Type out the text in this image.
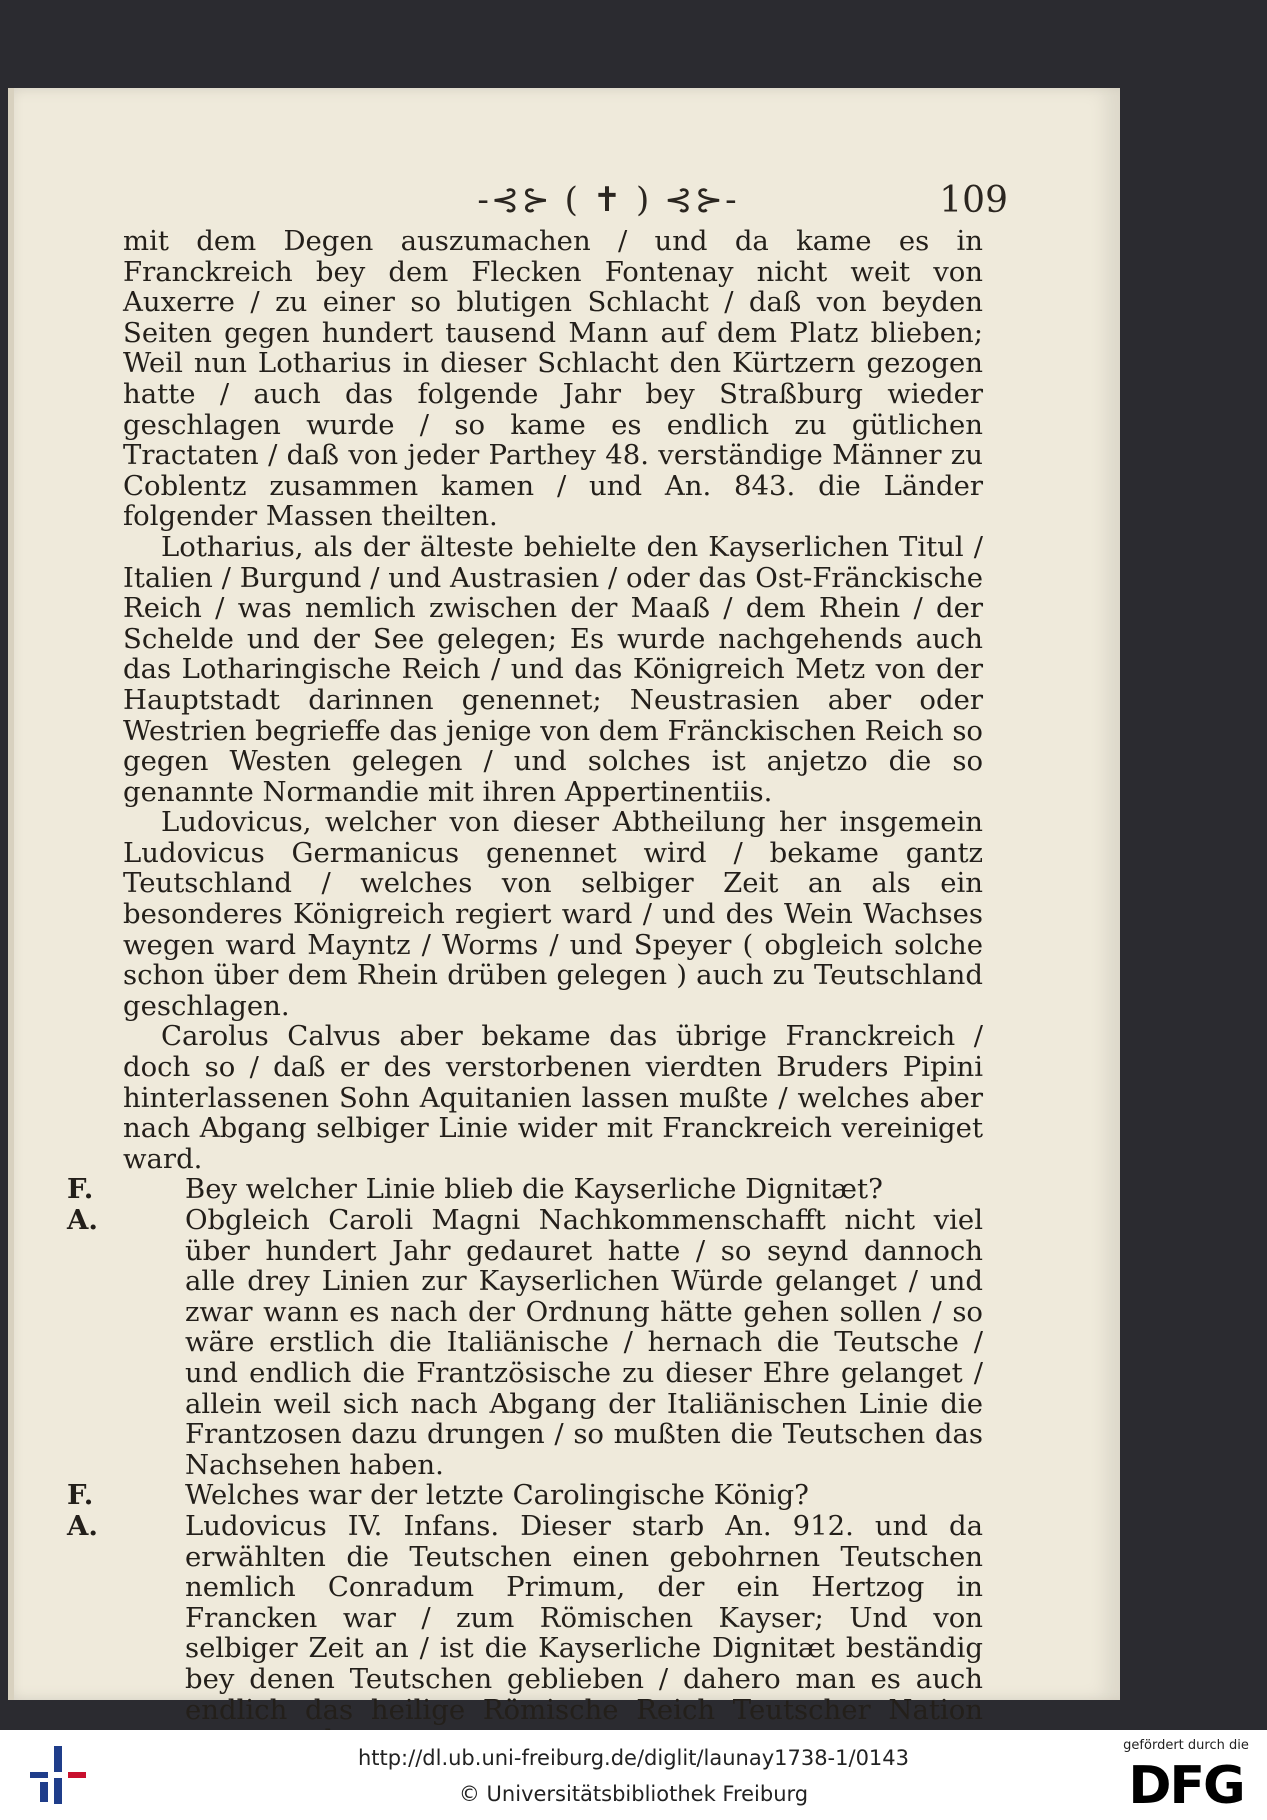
-⊰⊱ ( ✝ ) ⊰⊱-	109

mit dem Degen auszumachen / und da kame es in Franckreich bey dem Flecken Fontenay nicht weit von Auxerre / zu einer so blutigen Schlacht / daß von beyden Seiten gegen hundert tausend Mann auf dem Platz blieben; Weil nun Lotharius in dieser Schlacht den Kürtzern gezogen hatte / auch das folgende Jahr bey Straßburg wieder geschlagen wurde / so kame es endlich zu gütlichen Tractaten / daß von jeder Parthey 48. verständige Männer zu Coblentz zusammen kamen / und An. 843. die Länder folgender Massen theilten.

Lotharius, als der älteste behielte den Kayserlichen Titul / Italien / Burgund / und Austrasien / oder das Ost-Fränckische Reich / was nemlich zwischen der Maaß / dem Rhein / der Schelde und der See gelegen; Es wurde nachgehends auch das Lotharingische Reich / und das Königreich Metz von der Hauptstadt darinnen genennet; Neustrasien aber oder Westrien begrieffe das jenige von dem Fränckischen Reich so gegen Westen gelegen / und solches ist anjetzo die so genannte Normandie mit ihren Appertinentiis.

Ludovicus, welcher von dieser Abtheilung her insgemein Ludovicus Germanicus genennet wird / bekame gantz Teutschland / welches von selbiger Zeit an als ein besonderes Königreich regiert ward / und des Wein Wachses wegen ward Mayntz / Worms / und Speyer ( obgleich solche schon über dem Rhein drüben gelegen ) auch zu Teutschland geschlagen.

Carolus Calvus aber bekame das übrige Franckreich / doch so / daß er des verstorbenen vierdten Bruders Pipini hinterlassenen Sohn Aquitanien lassen mußte / welches aber nach Abgang selbiger Linie wider mit Franckreich vereiniget ward.

F.	Bey welcher Linie blieb die Kayserliche Dignitæt?

A.	Obgleich Caroli Magni Nachkommenschafft nicht viel über hundert Jahr gedauret hatte / so seynd dannoch alle drey Linien zur Kayserlichen Würde gelanget / und zwar wann es nach der Ordnung hätte gehen sollen / so wäre erstlich die Italiänische / hernach die Teutsche / und endlich die Frantzösische zu dieser Ehre gelanget / allein weil sich nach Abgang der Italiänischen Linie die Frantzosen dazu drungen / so mußten die Teutschen das Nachsehen haben.

F.	Welches war der letzte Carolingische König?

A.	Ludovicus IV. Infans. Dieser starb An. 912. und da erwählten die Teutschen einen gebohrnen Teutschen nemlich Conradum Primum, der ein Hertzog in Francken war / zum Römischen Kayser; Und von selbiger Zeit an / ist die Kayserliche Dignitæt beständig bey denen Teutschen geblieben / dahero man es auch endlich das heilige Römische Reich Teutscher Nation

http://dl.ub.uni-freiburg.de/diglit/launay1738-1/0143
© Universitätsbibliothek Freiburg
gefördert durch die
DFG
